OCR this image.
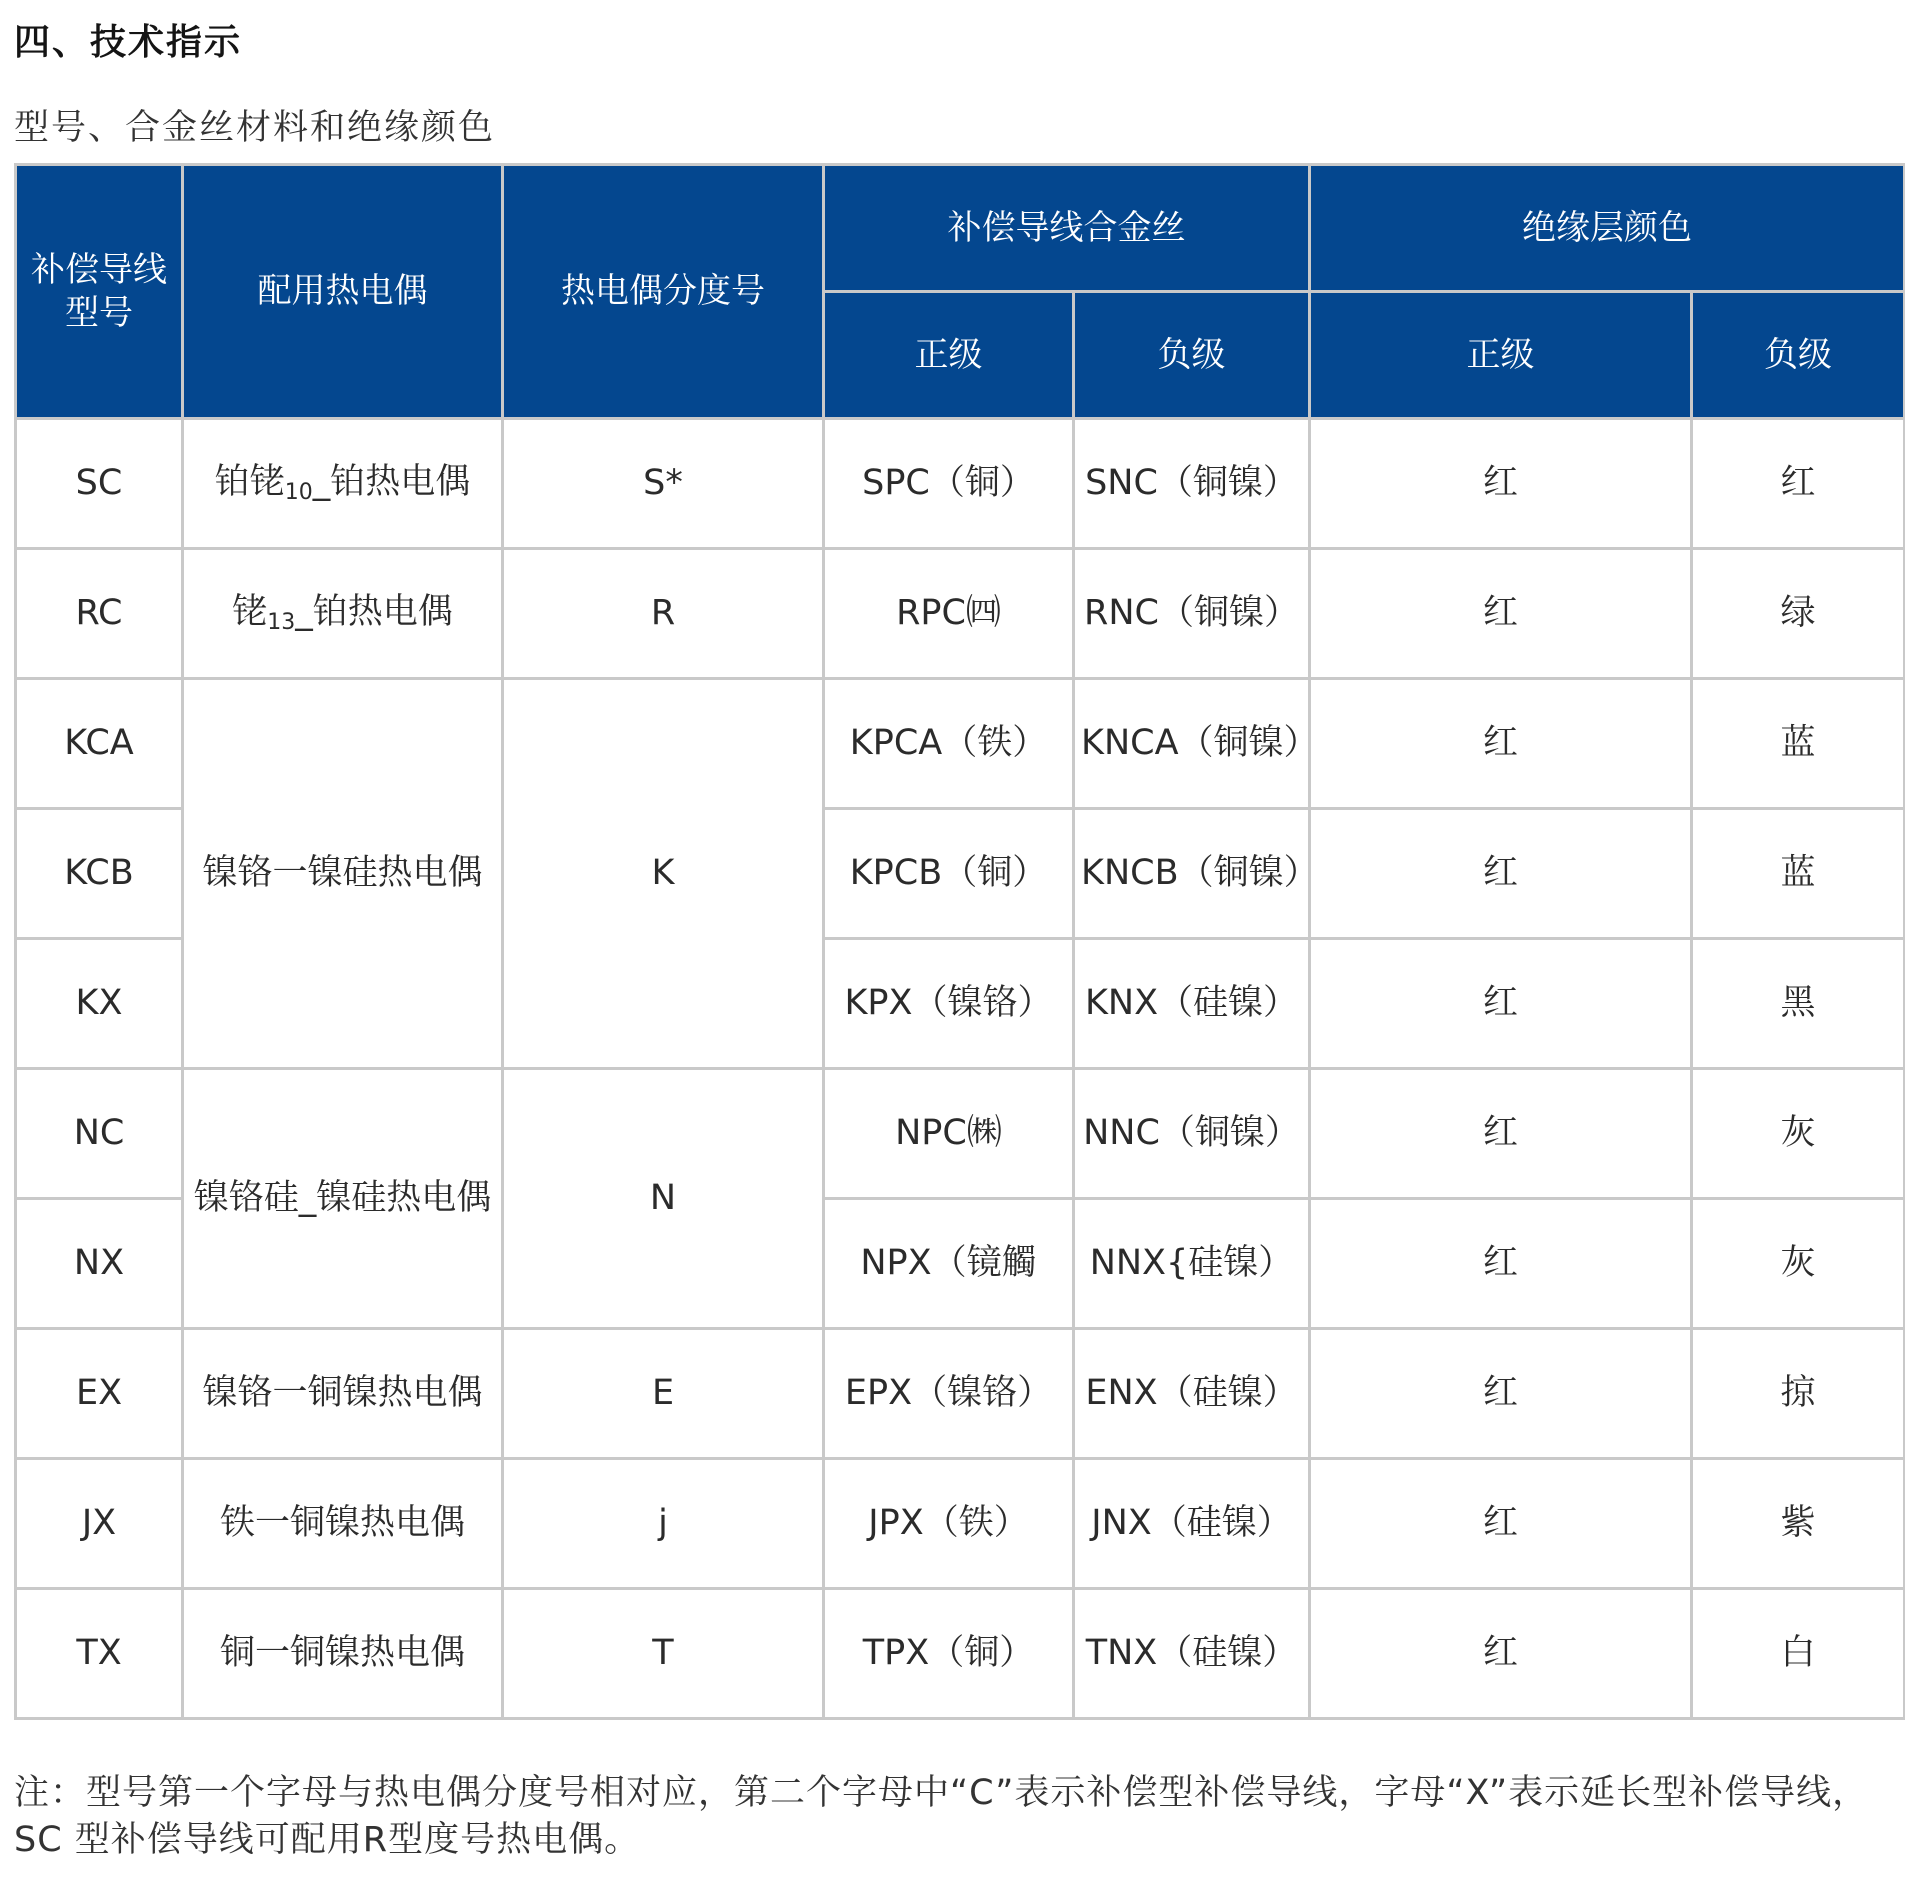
四、技术指示
型号、合金丝材料和绝缘颜色
补偿导线型号	配用热电偶	热电偶分度号	补偿导线合金丝		绝缘层颜色	
			正级	负级	正级	负级
SC	铂铑$_{10}$_铂热电偶	S*	SPC（铜）	SNC（铜镍）	红	红
RC	铑$_{13}$_铂热电偶	R	RPC㈣	RNC（铜镍）	红	绿
KCA	镍铬一镍硅热电偶	K	KPCA（铁）	KNCA（铜镍）	红	蓝
KCB			KPCB（铜）	KNCB（铜镍）	红	蓝
KX			KPX（镍铬）	KNX（硅镍）	红	黑
NC	镍铬硅_镍硅热电偶	N	NPC㈱	NNC（铜镍）	红	灰
NX			NPX（镜觸	NNX{硅镍）	红	灰
EX	镍铬一铜镍热电偶	E	EPX（镍铬）	ENX（硅镍）	红	掠
JX	铁一铜镍热电偶	j	JPX（铁）	JNX（硅镍）	红	紫
TX	铜一铜镍热电偶	T	TPX（铜）	TNX（硅镍）	红	白

注：型号第一个字母与热电偶分度号相对应，第二个字母中“C”表示补偿型补偿导线，字母“X”表示延长型补偿导线，SC 型补偿导线可配用R型度号热电偶。
